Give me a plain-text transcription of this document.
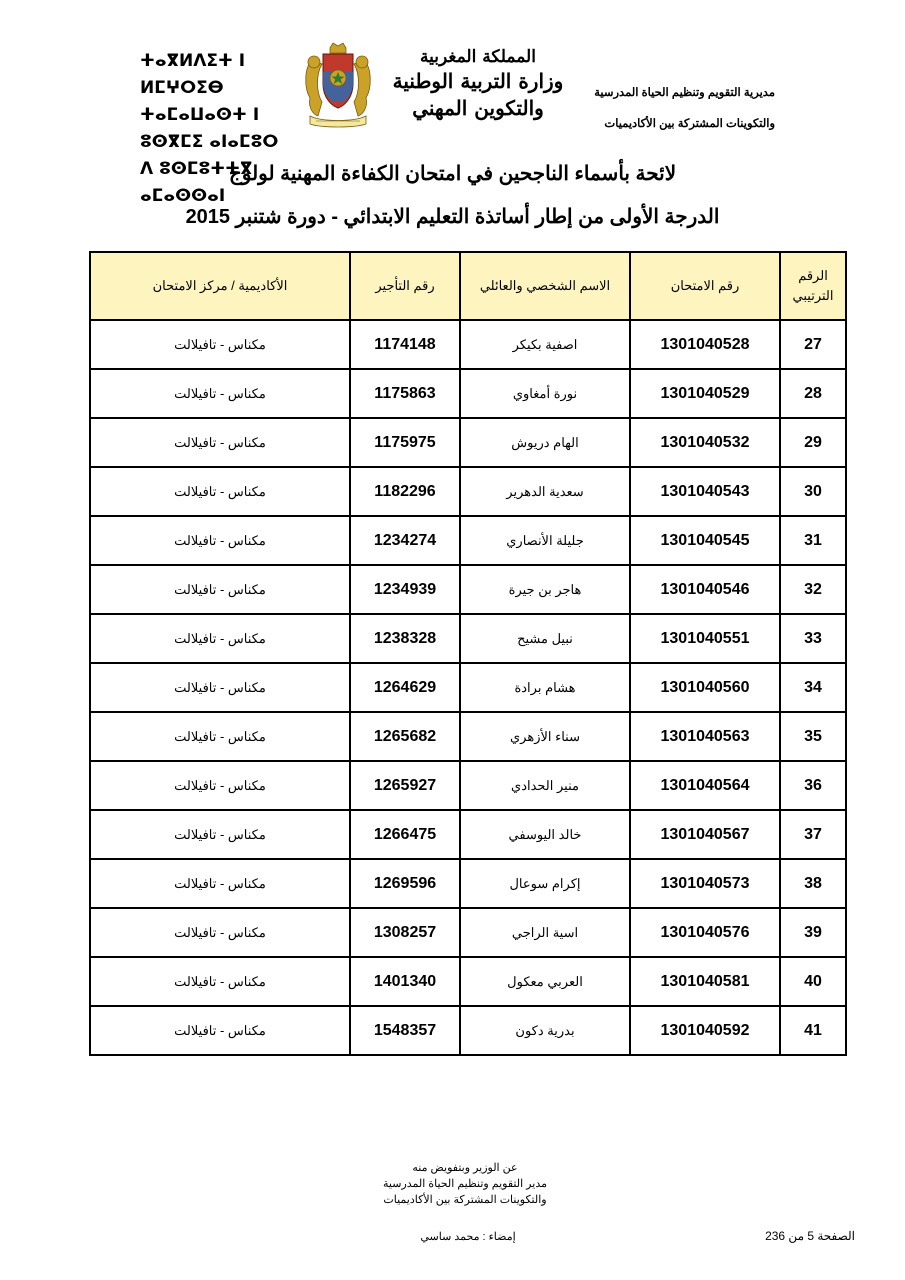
ⵜⴰⴳⵍⴷⵉⵜ ⵏ ⵍⵎⵖⵔⵉⴱ
ⵜⴰⵎⴰⵡⴰⵙⵜ ⵏ ⵓⵙⴳⵎⵉ ⴰⵏⴰⵎⵓⵔ
ⴷ ⵓⵙⵎⵓⵜⵜⴳ ⴰⵎⴰⵙⵙⴰⵏ
المملكة المغربية
وزارة التربية الوطنية
والتكوين المهني
مديرية التقويم وتنظيم الحياة المدرسية
والتكوينات المشتركة بين الأكاديميات
لائحة بأسماء الناجحين في امتحان الكفاءة المهنية لولوج
الدرجة الأولى من إطار أساتذة التعليم الابتدائي - دورة شتنبر 2015
الرقم
الترتيبي	رقم الامتحان	الاسم الشخصي والعائلي	رقم التأجير	الأكاديمية / مركز الامتحان
27	1301040528	اصفية بكيكر	1174148	مكناس - تافيلالت
28	1301040529	نورة أمغاوي	1175863	مكناس - تافيلالت
29	1301040532	الهام دريوش	1175975	مكناس - تافيلالت
30	1301040543	سعدية الدهرير	1182296	مكناس - تافيلالت
31	1301040545	جليلة الأنصاري	1234274	مكناس - تافيلالت
32	1301040546	هاجر بن جيرة	1234939	مكناس - تافيلالت
33	1301040551	نبيل مشيح	1238328	مكناس - تافيلالت
34	1301040560	هشام برادة	1264629	مكناس - تافيلالت
35	1301040563	سناء الأزهري	1265682	مكناس - تافيلالت
36	1301040564	منير الحدادي	1265927	مكناس - تافيلالت
37	1301040567	خالد اليوسفي	1266475	مكناس - تافيلالت
38	1301040573	إكرام سوعال	1269596	مكناس - تافيلالت
39	1301040576	اسية الراجي	1308257	مكناس - تافيلالت
40	1301040581	العربي معكول	1401340	مكناس - تافيلالت
41	1301040592	بدرية دكون	1548357	مكناس - تافيلالت
عن الوزير وبتفويض منه
مدير التقويم وتنظيم الحياة المدرسية
والتكوينات المشتركة بين الأكاديميات
إمضاء : محمد ساسي	الصفحة 5 من 236
